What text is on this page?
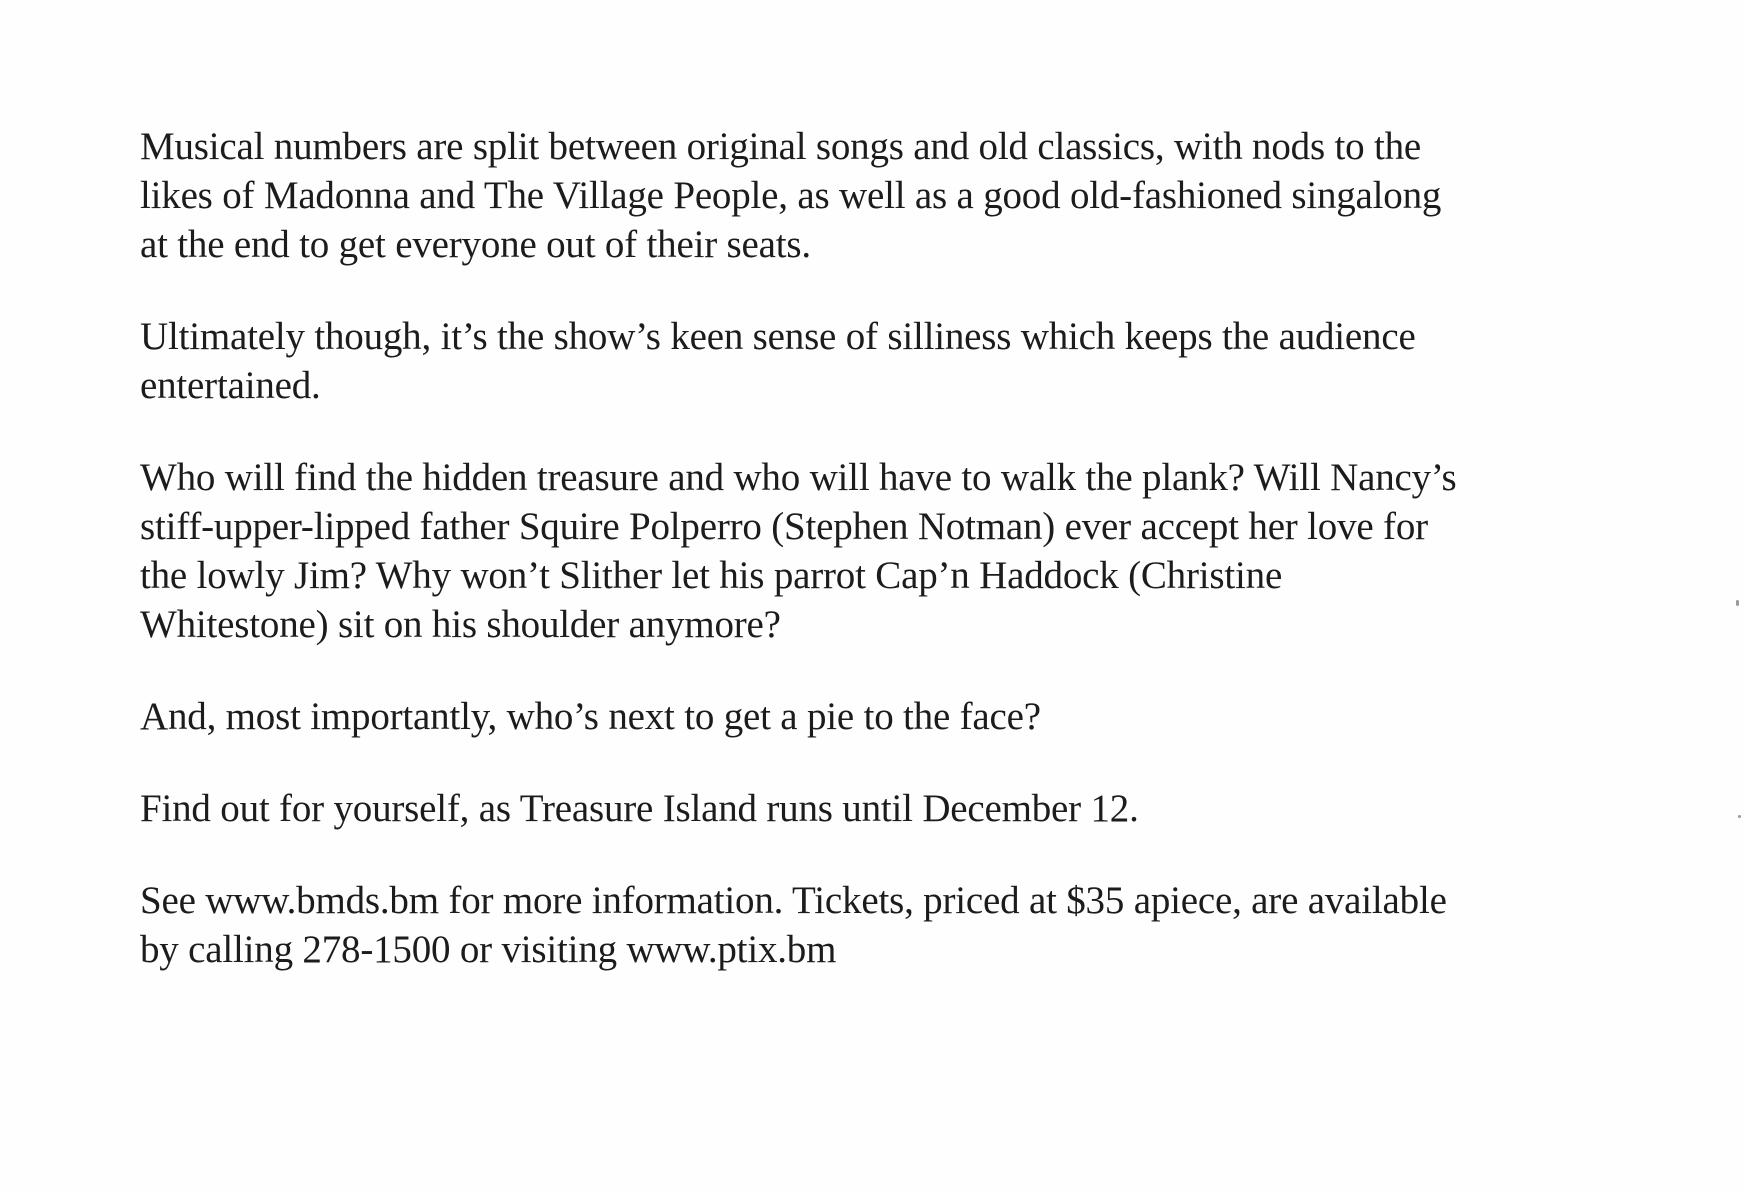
Musical numbers are split between original songs and old classics, with nods to the
likes of Madonna and The Village People, as well as a good old-fashioned singalong
at the end to get everyone out of their seats.

Ultimately though, it’s the show’s keen sense of silliness which keeps the audience
entertained.

Who will find the hidden treasure and who will have to walk the plank? Will Nancy’s
stiff-upper-lipped father Squire Polperro (Stephen Notman) ever accept her love for
the lowly Jim? Why won’t Slither let his parrot Cap’n Haddock (Christine
Whitestone) sit on his shoulder anymore?

And, most importantly, who’s next to get a pie to the face?

Find out for yourself, as Treasure Island runs until December 12.

See www.bmds.bm for more information. Tickets, priced at $35 apiece, are available
by calling 278-1500 or visiting www.ptix.bm
